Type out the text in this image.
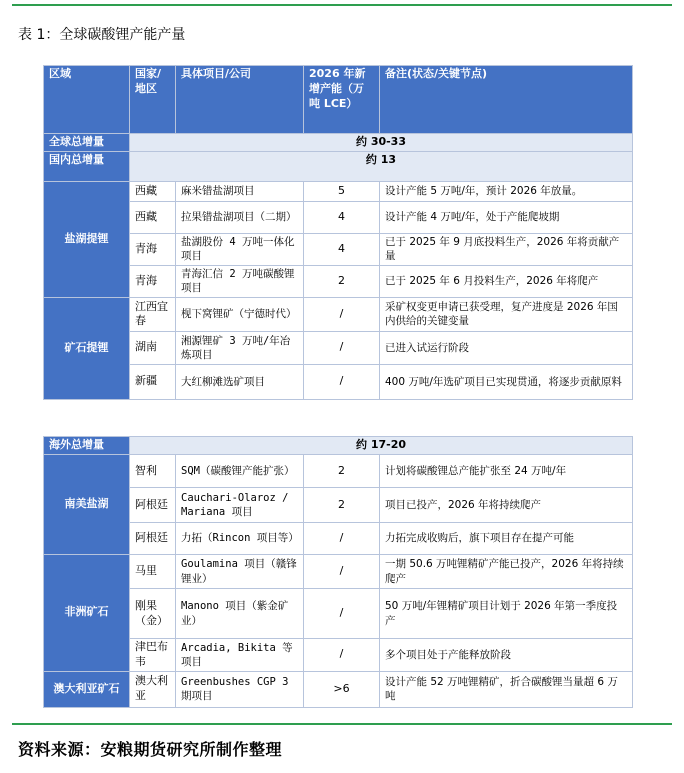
表 1：全球碳酸锂产能产量
区域	国家/地区	具体项目/公司	2026 年新增产能（万吨 LCE）	备注(状态/关键节点)
全球总增量	约 30-33			
国内总增量	约 13			
盐湖提锂	西藏	麻米错盐湖项目	5	设计产能 5 万吨/年，预计 2026 年放量。
	西藏	拉果错盐湖项目（二期）	4	设计产能 4 万吨/年，处于产能爬坡期
	青海	盐湖股份 4 万吨一体化项目	4	已于 2025 年 9 月底投料生产，2026 年将贡献产量
	青海	青海汇信 2 万吨碳酸锂项目	2	已于 2025 年 6 月投料生产，2026 年将爬产
矿石提锂	江西宜春	枧下窝锂矿（宁德时代）	/	采矿权变更申请已获受理，复产进度是 2026 年国内供给的关键变量
	湖南	湘源锂矿 3 万吨/年冶炼项目	/	已进入试运行阶段
	新疆	大红柳滩选矿项目	/	400 万吨/年选矿项目已实现贯通，将逐步贡献原料
海外总增量	约 17-20			
南美盐湖	智利	SQM（碳酸锂产能扩张）	2	计划将碳酸锂总产能扩张至 24 万吨/年
	阿根廷	Cauchari-Olaroz / Mariana 项目	2	项目已投产，2026 年将持续爬产
	阿根廷	力拓（Rincon 项目等）	/	力拓完成收购后，旗下项目存在提产可能
非洲矿石	马里	Goulamina 项目（赣锋锂业）	/	一期 50.6 万吨锂精矿产能已投产，2026 年将持续爬产
	刚果（金）	Manono 项目（紫金矿业）	/	50 万吨/年锂精矿项目计划于 2026 年第一季度投产
	津巴布韦	Arcadia, Bikita 等项目	/	多个项目处于产能释放阶段
澳大利亚矿石	澳大利亚	Greenbushes CGP 3 期项目	>6	设计产能 52 万吨锂精矿，折合碳酸锂当量超 6 万吨
资料来源：安粮期货研究所制作整理
